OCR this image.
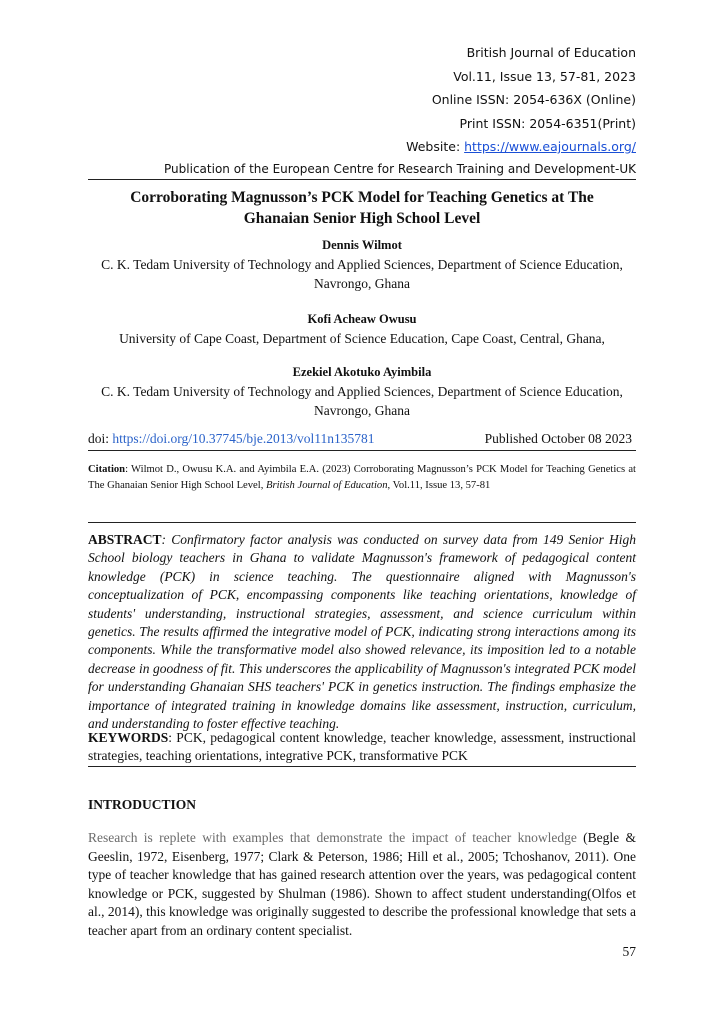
British Journal of Education
Vol.11, Issue 13, 57-81, 2023
Online ISSN: 2054-636X (Online)
Print ISSN: 2054-6351(Print)
Website: https://www.eajournals.org/
Publication of the European Centre for Research Training and Development-UK
Corroborating Magnusson’s PCK Model for Teaching Genetics at The Ghanaian Senior High School Level
Dennis Wilmot
C. K. Tedam University of Technology and Applied Sciences, Department of Science Education, Navrongo, Ghana
Kofi Acheaw Owusu
University of Cape Coast, Department of Science Education, Cape Coast, Central, Ghana,
Ezekiel Akotuko Ayimbila
C. K. Tedam University of Technology and Applied Sciences, Department of Science Education, Navrongo, Ghana
doi: https://doi.org/10.37745/bje.2013/vol11n135781	Published October 08 2023
Citation: Wilmot D., Owusu K.A. and Ayimbila E.A. (2023) Corroborating Magnusson’s PCK Model for Teaching Genetics at The Ghanaian Senior High School Level, British Journal of Education, Vol.11, Issue 13, 57-81
ABSTRACT: Confirmatory factor analysis was conducted on survey data from 149 Senior High School biology teachers in Ghana to validate Magnusson's framework of pedagogical content knowledge (PCK) in science teaching. The questionnaire aligned with Magnusson's conceptualization of PCK, encompassing components like teaching orientations, knowledge of students' understanding, instructional strategies, assessment, and science curriculum within genetics. The results affirmed the integrative model of PCK, indicating strong interactions among its components. While the transformative model also showed relevance, its imposition led to a notable decrease in goodness of fit. This underscores the applicability of Magnusson's integrated PCK model for understanding Ghanaian SHS teachers' PCK in genetics instruction. The findings emphasize the importance of integrated training in knowledge domains like assessment, instruction, curriculum, and understanding to foster effective teaching.
KEYWORDS: PCK, pedagogical content knowledge, teacher knowledge, assessment, instructional strategies, teaching orientations, integrative PCK, transformative PCK
INTRODUCTION
Research is replete with examples that demonstrate the impact of teacher knowledge (Begle & Geeslin, 1972, Eisenberg, 1977; Clark & Peterson, 1986; Hill et al., 2005; Tchoshanov, 2011). One type of teacher knowledge that has gained research attention over the years, was pedagogical content knowledge or PCK, suggested by Shulman (1986). Shown to affect student understanding(Olfos et al., 2014), this knowledge was originally suggested to describe the professional knowledge that sets a teacher apart from an ordinary content specialist.
57
